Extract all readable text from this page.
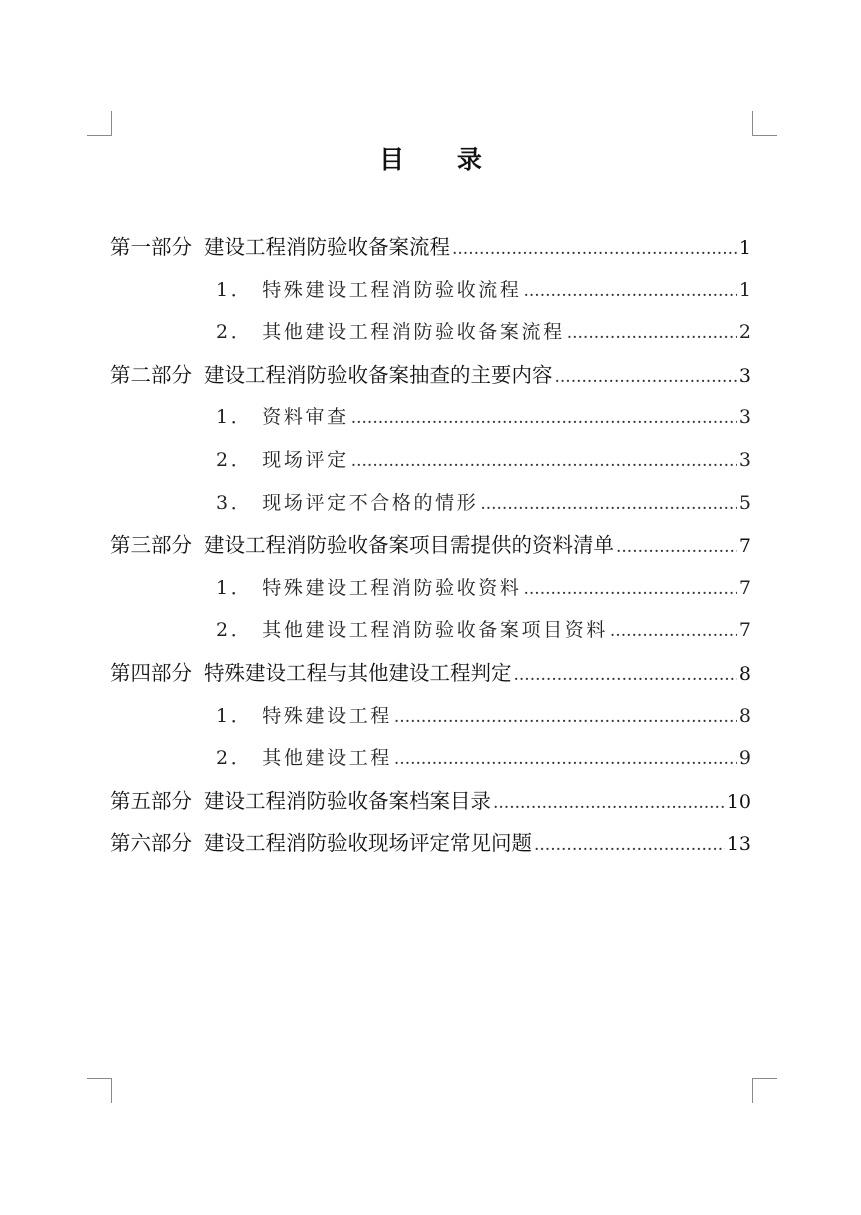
目 录
第一部分 建设工程消防验收备案流程 .....	1
1． 特殊建设工程消防验收流程 .....	1
2． 其他建设工程消防验收备案流程 .....	2
第二部分 建设工程消防验收备案抽查的主要内容 .....	3
1． 资料审查 .....	3
2． 现场评定 .....	3
3． 现场评定不合格的情形 .....	5
第三部分 建设工程消防验收备案项目需提供的资料清单 .....	7
1． 特殊建设工程消防验收资料 .....	7
2． 其他建设工程消防验收备案项目资料 .....	7
第四部分 特殊建设工程与其他建设工程判定 .....	8
1． 特殊建设工程 .....	8
2． 其他建设工程 .....	9
第五部分 建设工程消防验收备案档案目录 .....	10
第六部分 建设工程消防验收现场评定常见问题 .....	13
